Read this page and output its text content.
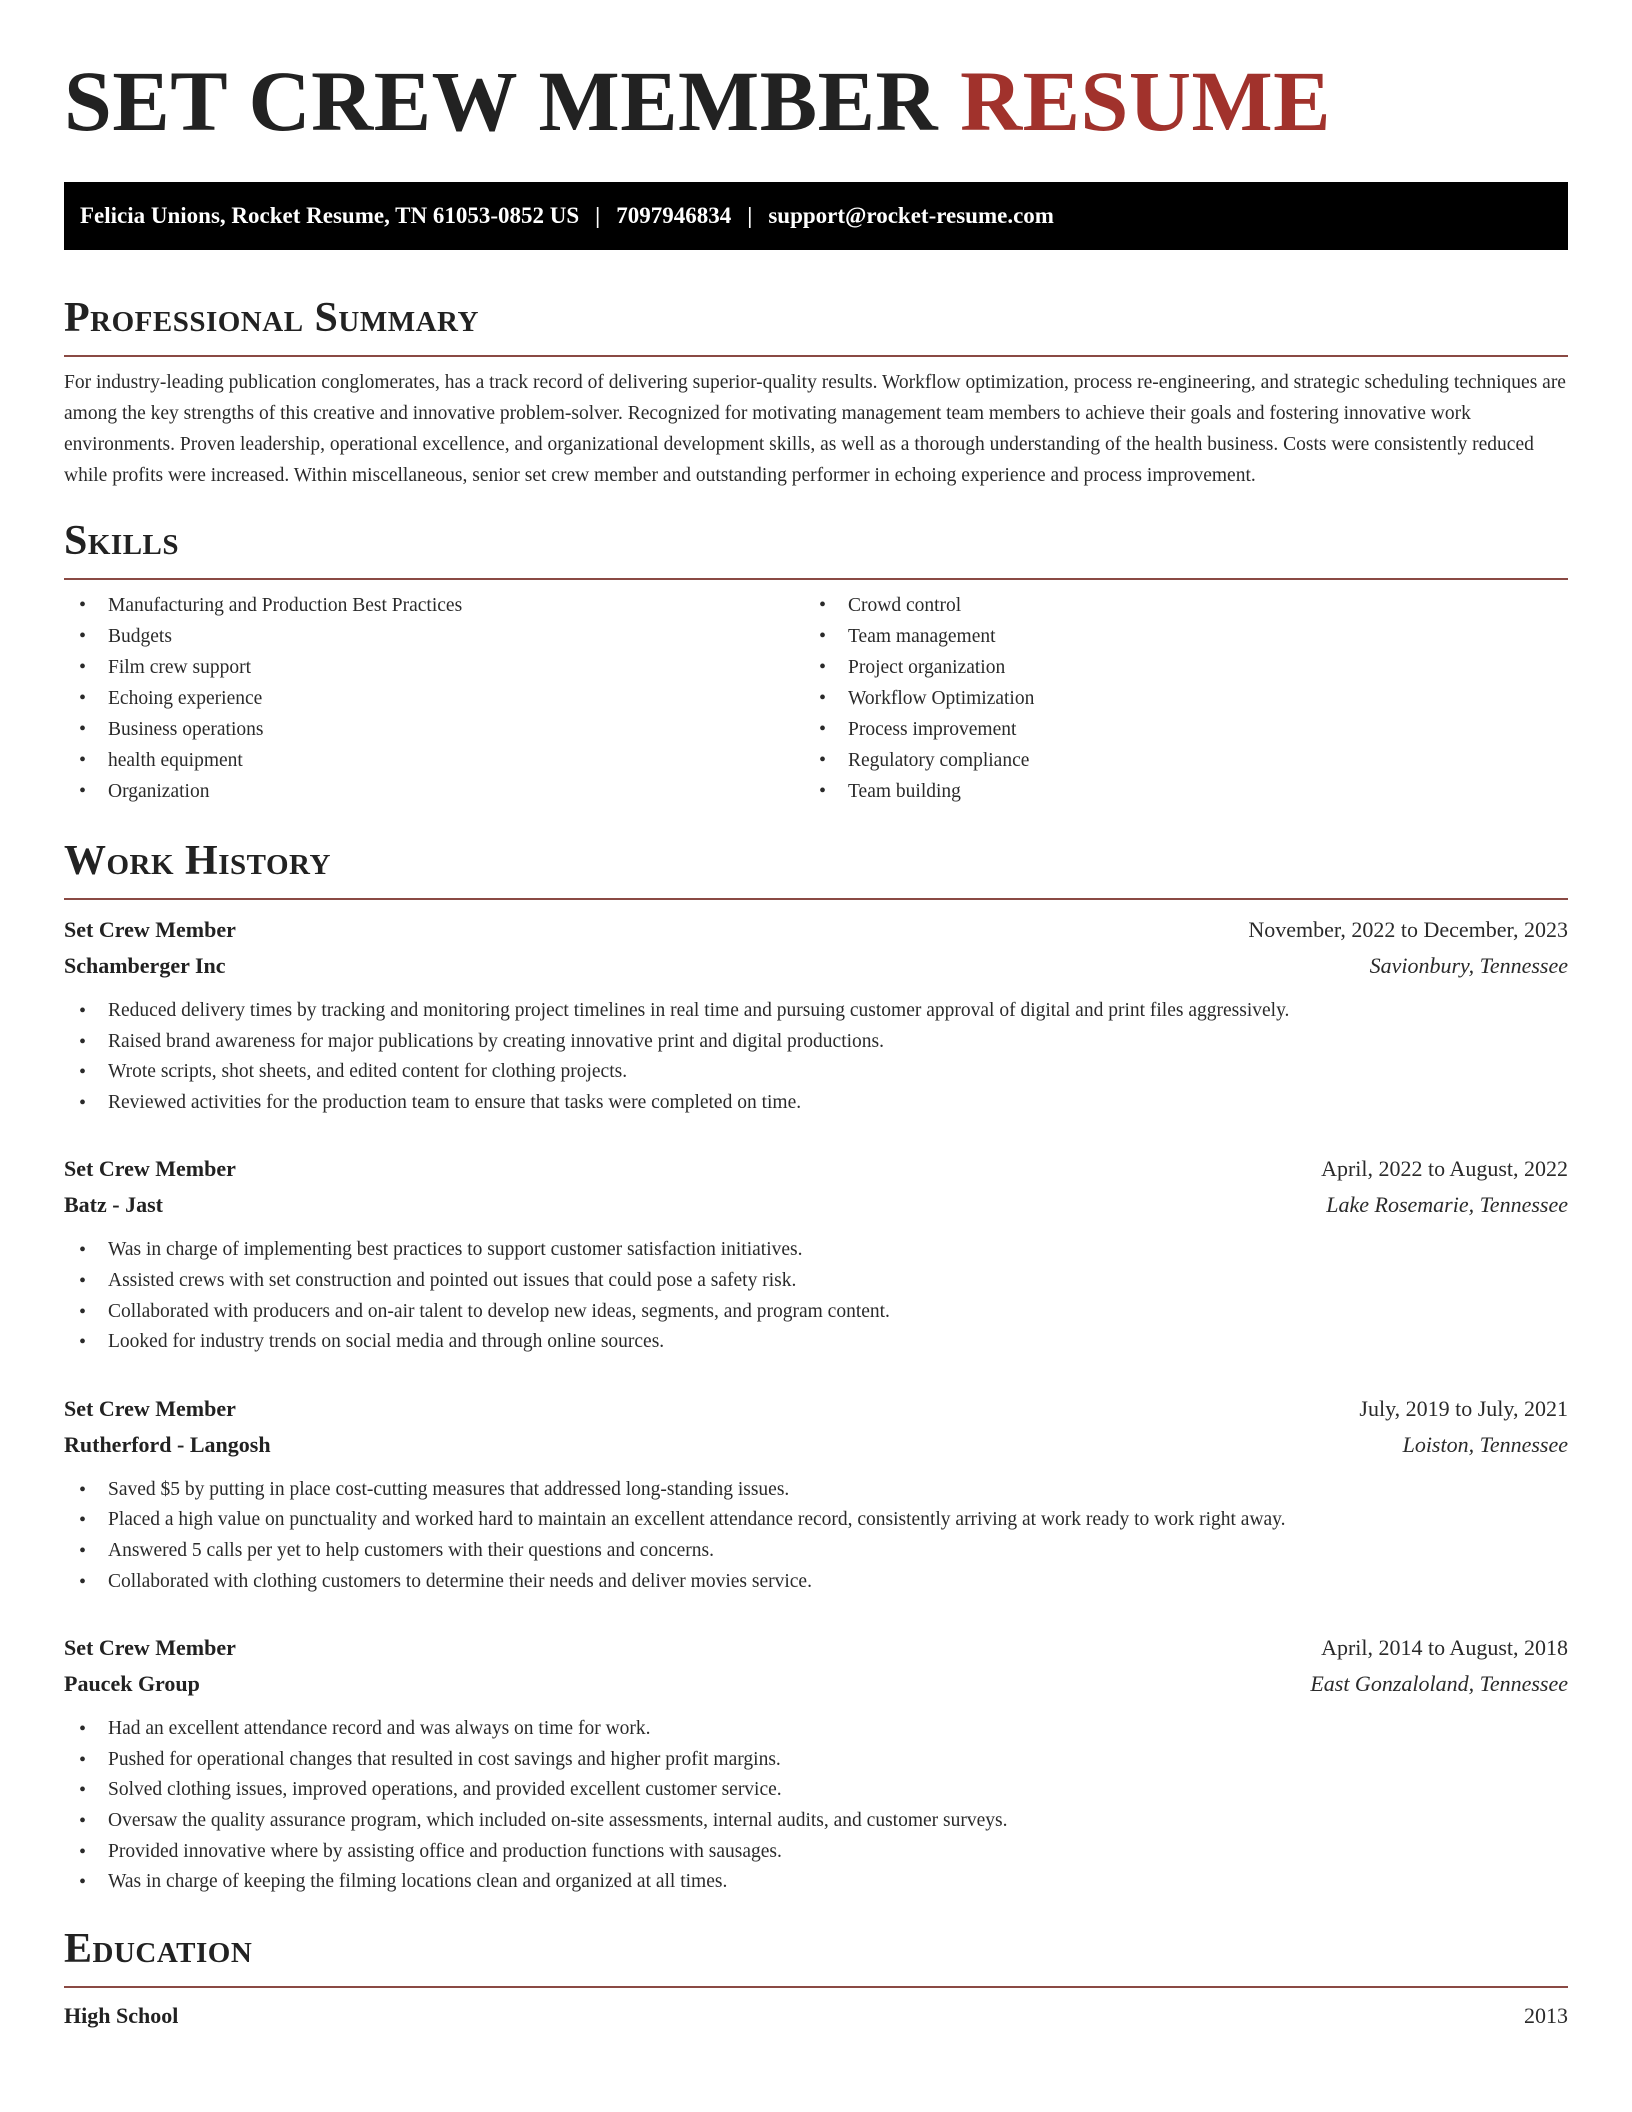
SET CREW MEMBER RESUME
Felicia Unions, Rocket Resume, TN 61053-0852 US | 7097946834 | support@rocket-resume.com
Professional Summary

For industry-leading publication conglomerates, has a track record of delivering superior-quality results. Workflow optimization, process re-engineering, and strategic scheduling techniques are among the key strengths of this creative and innovative problem-solver. Recognized for motivating management team members to achieve their goals and fostering innovative work environments. Proven leadership, operational excellence, and organizational development skills, as well as a thorough understanding of the health business. Costs were consistently reduced while profits were increased. Within miscellaneous, senior set crew member and outstanding performer in echoing experience and process improvement.

Skills
• Manufacturing and Production Best Practices
• Budgets
• Film crew support
• Echoing experience
• Business operations
• health equipment
• Organization
• Crowd control
• Team management
• Project organization
• Workflow Optimization
• Process improvement
• Regulatory compliance
• Team building
Work History
Set Crew Member	November, 2022 to December, 2023
Schamberger Inc	Savionbury, Tennessee
• Reduced delivery times by tracking and monitoring project timelines in real time and pursuing customer approval of digital and print files aggressively.
• Raised brand awareness for major publications by creating innovative print and digital productions.
• Wrote scripts, shot sheets, and edited content for clothing projects.
• Reviewed activities for the production team to ensure that tasks were completed on time.
Set Crew Member	April, 2022 to August, 2022
Batz - Jast	Lake Rosemarie, Tennessee
• Was in charge of implementing best practices to support customer satisfaction initiatives.
• Assisted crews with set construction and pointed out issues that could pose a safety risk.
• Collaborated with producers and on-air talent to develop new ideas, segments, and program content.
• Looked for industry trends on social media and through online sources.
Set Crew Member	July, 2019 to July, 2021
Rutherford - Langosh	Loiston, Tennessee
• Saved $5 by putting in place cost-cutting measures that addressed long-standing issues.
• Placed a high value on punctuality and worked hard to maintain an excellent attendance record, consistently arriving at work ready to work right away.
• Answered 5 calls per yet to help customers with their questions and concerns.
• Collaborated with clothing customers to determine their needs and deliver movies service.
Set Crew Member	April, 2014 to August, 2018
Paucek Group	East Gonzaloland, Tennessee
• Had an excellent attendance record and was always on time for work.
• Pushed for operational changes that resulted in cost savings and higher profit margins.
• Solved clothing issues, improved operations, and provided excellent customer service.
• Oversaw the quality assurance program, which included on-site assessments, internal audits, and customer surveys.
• Provided innovative where by assisting office and production functions with sausages.
• Was in charge of keeping the filming locations clean and organized at all times.
Education
High School	2013
